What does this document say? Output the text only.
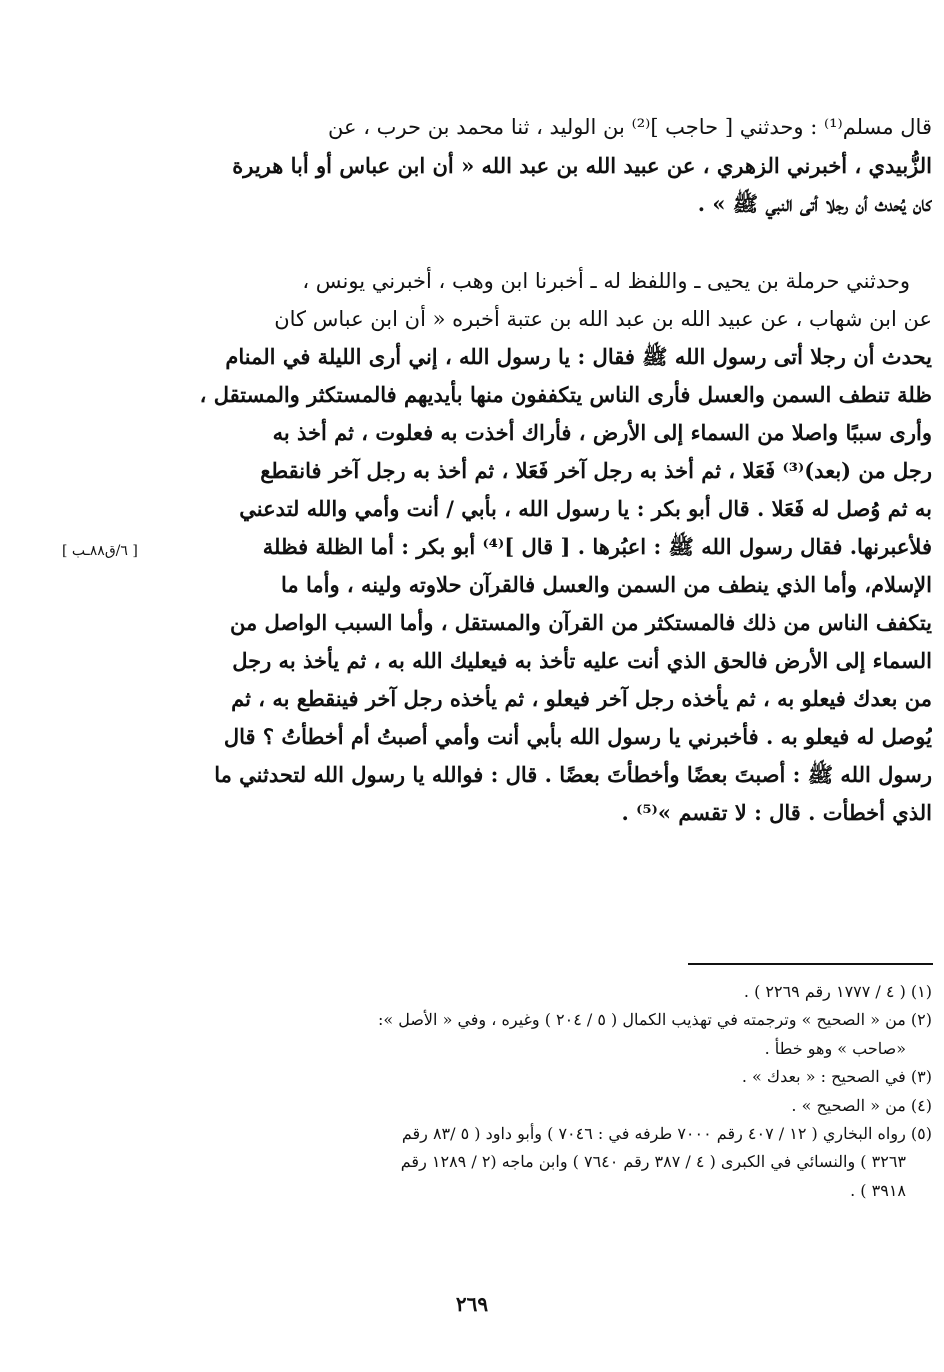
قال مسلم⁽¹⁾ : وحدثني [ حاجب ]⁽²⁾ بن الوليد ، ثنا محمد بن حرب ، عن
الزُّبيدي ، أخبرني الزهري ، عن عبيد الله بن عبد الله « أن ابن عباس أو أبا هريرة
كان يُحدث أن رجلا أتى النبي ﷺ » .
وحدثني حرملة بن يحيى ـ واللفظ له ـ أخبرنا ابن وهب ، أخبرني يونس ،
عن ابن شهاب ، عن عبيد الله بن عبد الله بن عتبة أخبره « أن ابن عباس كان
يحدث أن رجلا أتى رسول الله ﷺ فقال : يا رسول الله ، إني أرى الليلة في المنام
ظلة تنطف السمن والعسل فأرى الناس يتكففون منها بأيديهم فالمستكثر والمستقل ،
وأرى سببًا واصلا من السماء إلى الأرض ، فأراك أخذت به فعلوت ، ثم أخذ به
رجل من (بعد)⁽³⁾ فَعَلا ، ثم أخذ به رجل آخر فَعَلا ، ثم أخذ به رجل آخر فانقطع
به ثم وُصل له فَعَلا . قال أبو بكر : يا رسول الله ، بأبي / أنت وأمي والله لتدعني
فلأعبرنها. فقال رسول الله ﷺ : اعبُرها . [ قال ]⁽⁴⁾ أبو بكر : أما الظلة فظلة
الإسلام، وأما الذي ينطف من السمن والعسل فالقرآن حلاوته ولينه ، وأما ما
يتكفف الناس من ذلك فالمستكثر من القرآن والمستقل ، وأما السبب الواصل من
السماء إلى الأرض فالحق الذي أنت عليه تأخذ به فيعليك الله به ، ثم يأخذ به رجل
من بعدك فيعلو به ، ثم يأخذه رجل آخر فيعلو ، ثم يأخذه رجل آخر فينقطع به ، ثم
يُوصل له فيعلو به . فأخبرني يا رسول الله بأبي أنت وأمي أصبتُ أم أخطأتُ ؟ قال
رسول الله ﷺ : أصبتَ بعضًا وأخطأتَ بعضًا . قال : فوالله يا رسول الله لتحدثني ما
الذي أخطأت . قال : لا تقسم »⁽⁵⁾ .
[ ٦/ق٨٨ـب ]
(١) ( ٤ / ١٧٧٧ رقم ٢٢٦٩ ) .
(٢) من « الصحيح » وترجمته في تهذيب الكمال ( ٥ / ٢٠٤ ) وغيره ، وفي « الأصل »:
«صاحب » وهو خطأ .
(٣) في الصحيح : « بعدك » .
(٤) من « الصحيح » .
(٥) رواه البخاري ( ١٢ / ٤٠٧ رقم ٧٠٠٠ طرفه في : ٧٠٤٦ ) وأبو داود ( ٥ /٨٣ رقم
٣٢٦٣ ) والنسائي في الكبرى ( ٤ / ٣٨٧ رقم ٧٦٤٠ ) وابن ماجه (٢ / ١٢٨٩ رقم
٣٩١٨ ) .
٢٦٩
